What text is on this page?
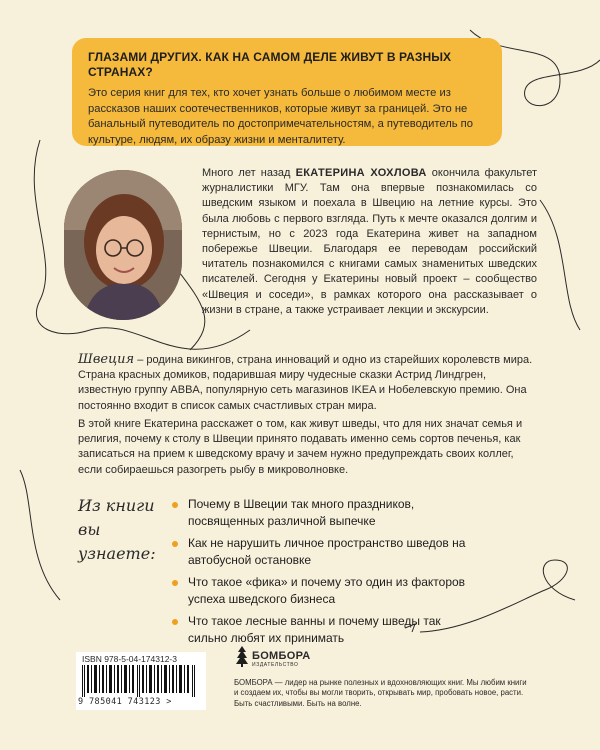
ГЛАЗАМИ ДРУГИХ. КАК НА САМОМ ДЕЛЕ ЖИВУТ В РАЗНЫХ СТРАНАХ?
Это серия книг для тех, кто хочет узнать больше о любимом месте из рассказов наших соотечественников, которые живут за границей. Это не банальный путеводитель по достопримечательностям, а путеводитель по культуре, людям, их образу жизни и менталитету.
Много лет назад ЕКАТЕРИНА ХОХЛОВА окончила факультет журналистики МГУ. Там она впервые познакомилась со шведским языком и поехала в Швецию на летние курсы. Это была любовь с первого взгляда. Путь к мечте оказался долгим и тернистым, но с 2023 года Екатерина живет на западном побережье Швеции. Благодаря ее переводам российский читатель познакомился с книгами самых знаменитых шведских писателей. Сегодня у Екатерины новый проект – сообщество «Швеция и соседи», в рамках которого она рассказывает о жизни в стране, а также устраивает лекции и экскурсии.
Швеция – родина викингов, страна инноваций и одно из старейших королевств мира. Страна красных домиков, подарившая миру чудесные сказки Астрид Линдгрен, известную группу ABBA, популярную сеть магазинов IKEA и Нобелевскую премию. Она постоянно входит в список самых счастливых стран мира.
В этой книге Екатерина расскажет о том, как живут шведы, что для них значат семья и религия, почему к столу в Швеции принято подавать именно семь сортов печенья, как записаться на прием к шведскому врачу и зачем нужно предупреждать своих коллег, если собираешься разогреть рыбу в микроволновке.
Из книги вы узнаете:
Почему в Швеции так много праздников, посвященных различной выпечке
Как не нарушить личное пространство шведов на автобусной остановке
Что такое «фика» и почему это один из факторов успеха шведского бизнеса
Что такое лесные ванны и почему шведы так сильно любят их принимать
ISBN 978-5-04-174312-3
9 785041 743123 >
БОМБОРА
ИЗДАТЕЛЬСТВО
БОМБОРА — лидер на рынке полезных и вдохновляющих книг. Мы любим книги и создаем их, чтобы вы могли творить, открывать мир, пробовать новое, расти. Быть счастливыми. Быть на волне.
